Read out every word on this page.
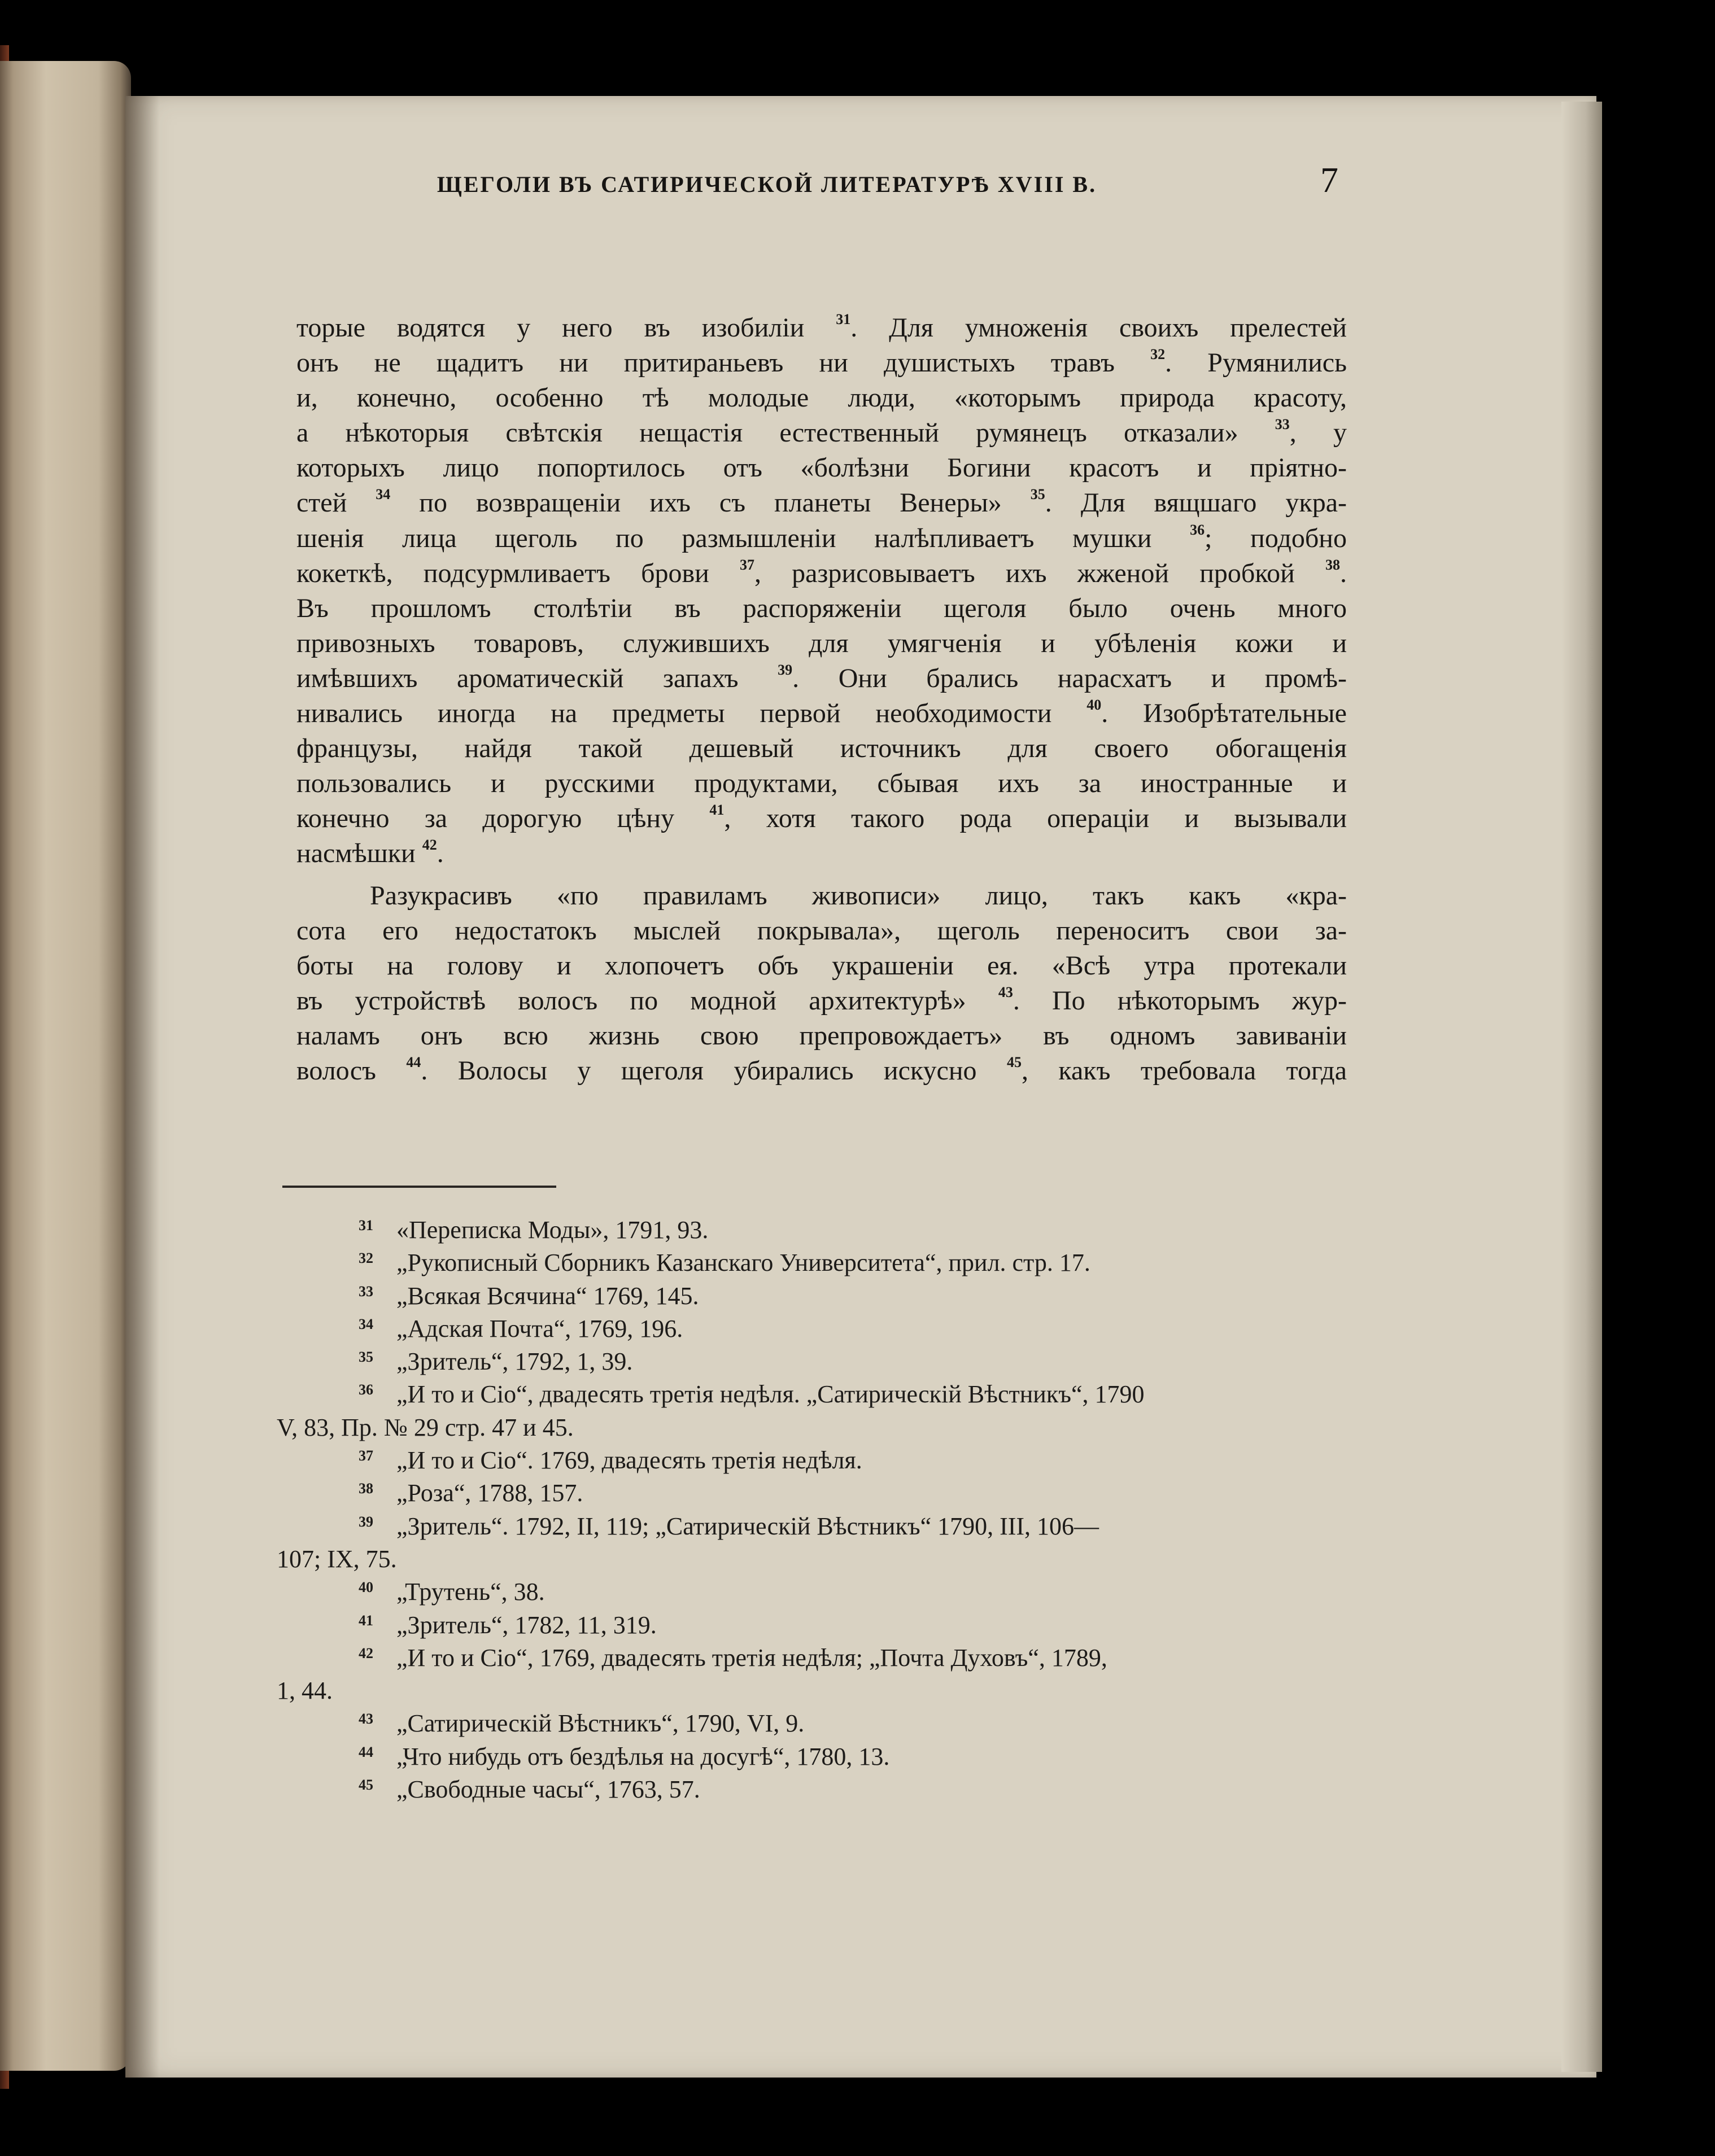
ЩЕГОЛИ ВЪ САТИРИЧЕСКОЙ ЛИТЕРАТУРѢ XVIII В.	7

торые водятся у него въ изобиліи $^{31}$. Для умноженія своихъ прелестей
онъ не щадитъ ни притираньевъ ни душистыхъ травъ $^{32}$. Румянились
и, конечно, особенно тѣ молодые люди, «которымъ природа красоту,
а нѣкоторыя свѣтскія нещастія естественный румянецъ отказали» $^{33}$, у
которыхъ лицо попортилось отъ «болѣзни Богини красотъ и пріятно-
стей $^{34}$ по возвращеніи ихъ съ планеты Венеры» $^{35}$. Для вящшаго укра-
шенія лица щеголь по размышленіи налѣпливаетъ мушки $^{36}$; подобно
кокеткѣ, подсурмливаетъ брови $^{37}$, разрисовываетъ ихъ жженой пробкой $^{38}$.
Въ прошломъ столѣтіи въ распоряженіи щеголя было очень много
привозныхъ товаровъ, служившихъ для умягченія и убѣленія кожи и
имѣвшихъ ароматическій запахъ $^{39}$. Они брались нарасхатъ и промѣ-
нивались иногда на предметы первой необходимости $^{40}$. Изобрѣтательные
французы, найдя такой дешевый источникъ для своего обогащенія
пользовались и русскими продуктами, сбывая ихъ за иностранные и
конечно за дорогую цѣну $^{41}$, хотя такого рода операціи и вызывали
насмѣшки $^{42}$.

Разукрасивъ «по правиламъ живописи» лицо, такъ какъ «кра-
сота его недостатокъ мыслей покрывала», щеголь переноситъ свои за-
боты на голову и хлопочетъ объ украшеніи ея. «Всѣ утра протекали
въ устройствѣ волосъ по модной архитектурѣ» $^{43}$. По нѣкоторымъ жур-
наламъ онъ всю жизнь свою препровождаетъ» въ одномъ завиваніи
волосъ $^{44}$. Волосы у щеголя убирались искусно $^{45}$, какъ требовала тогда

31 «Переписка Моды», 1791, 93.
32 „Рукописный Сборникъ Казанскаго Университета“, прил. стр. 17.
33 „Всякая Всячина“ 1769, 145.
34 „Адская Почта“, 1769, 196.
35 „Зритель“, 1792, 1, 39.
36 „И то и Сіо“, двадесять третія недѣля. „Сатирическій Вѣстникъ“, 1790
V, 83, Пр. № 29 стр. 47 и 45.
37 „И то и Сіо“. 1769, двадесять третія недѣля.
38 „Роза“, 1788, 157.
39 „Зритель“. 1792, II, 119; „Сатирическій Вѣстникъ“ 1790, III, 106—
107; IX, 75.
40 „Трутень“, 38.
41 „Зритель“, 1782, 11, 319.
42 „И то и Сіо“, 1769, двадесять третія недѣля; „Почта Духовъ“, 1789,
1, 44.
43 „Сатирическій Вѣстникъ“, 1790, VI, 9.
44 „Что нибудь отъ бездѣлья на досугѣ“, 1780, 13.
45 „Свободные часы“, 1763, 57.
